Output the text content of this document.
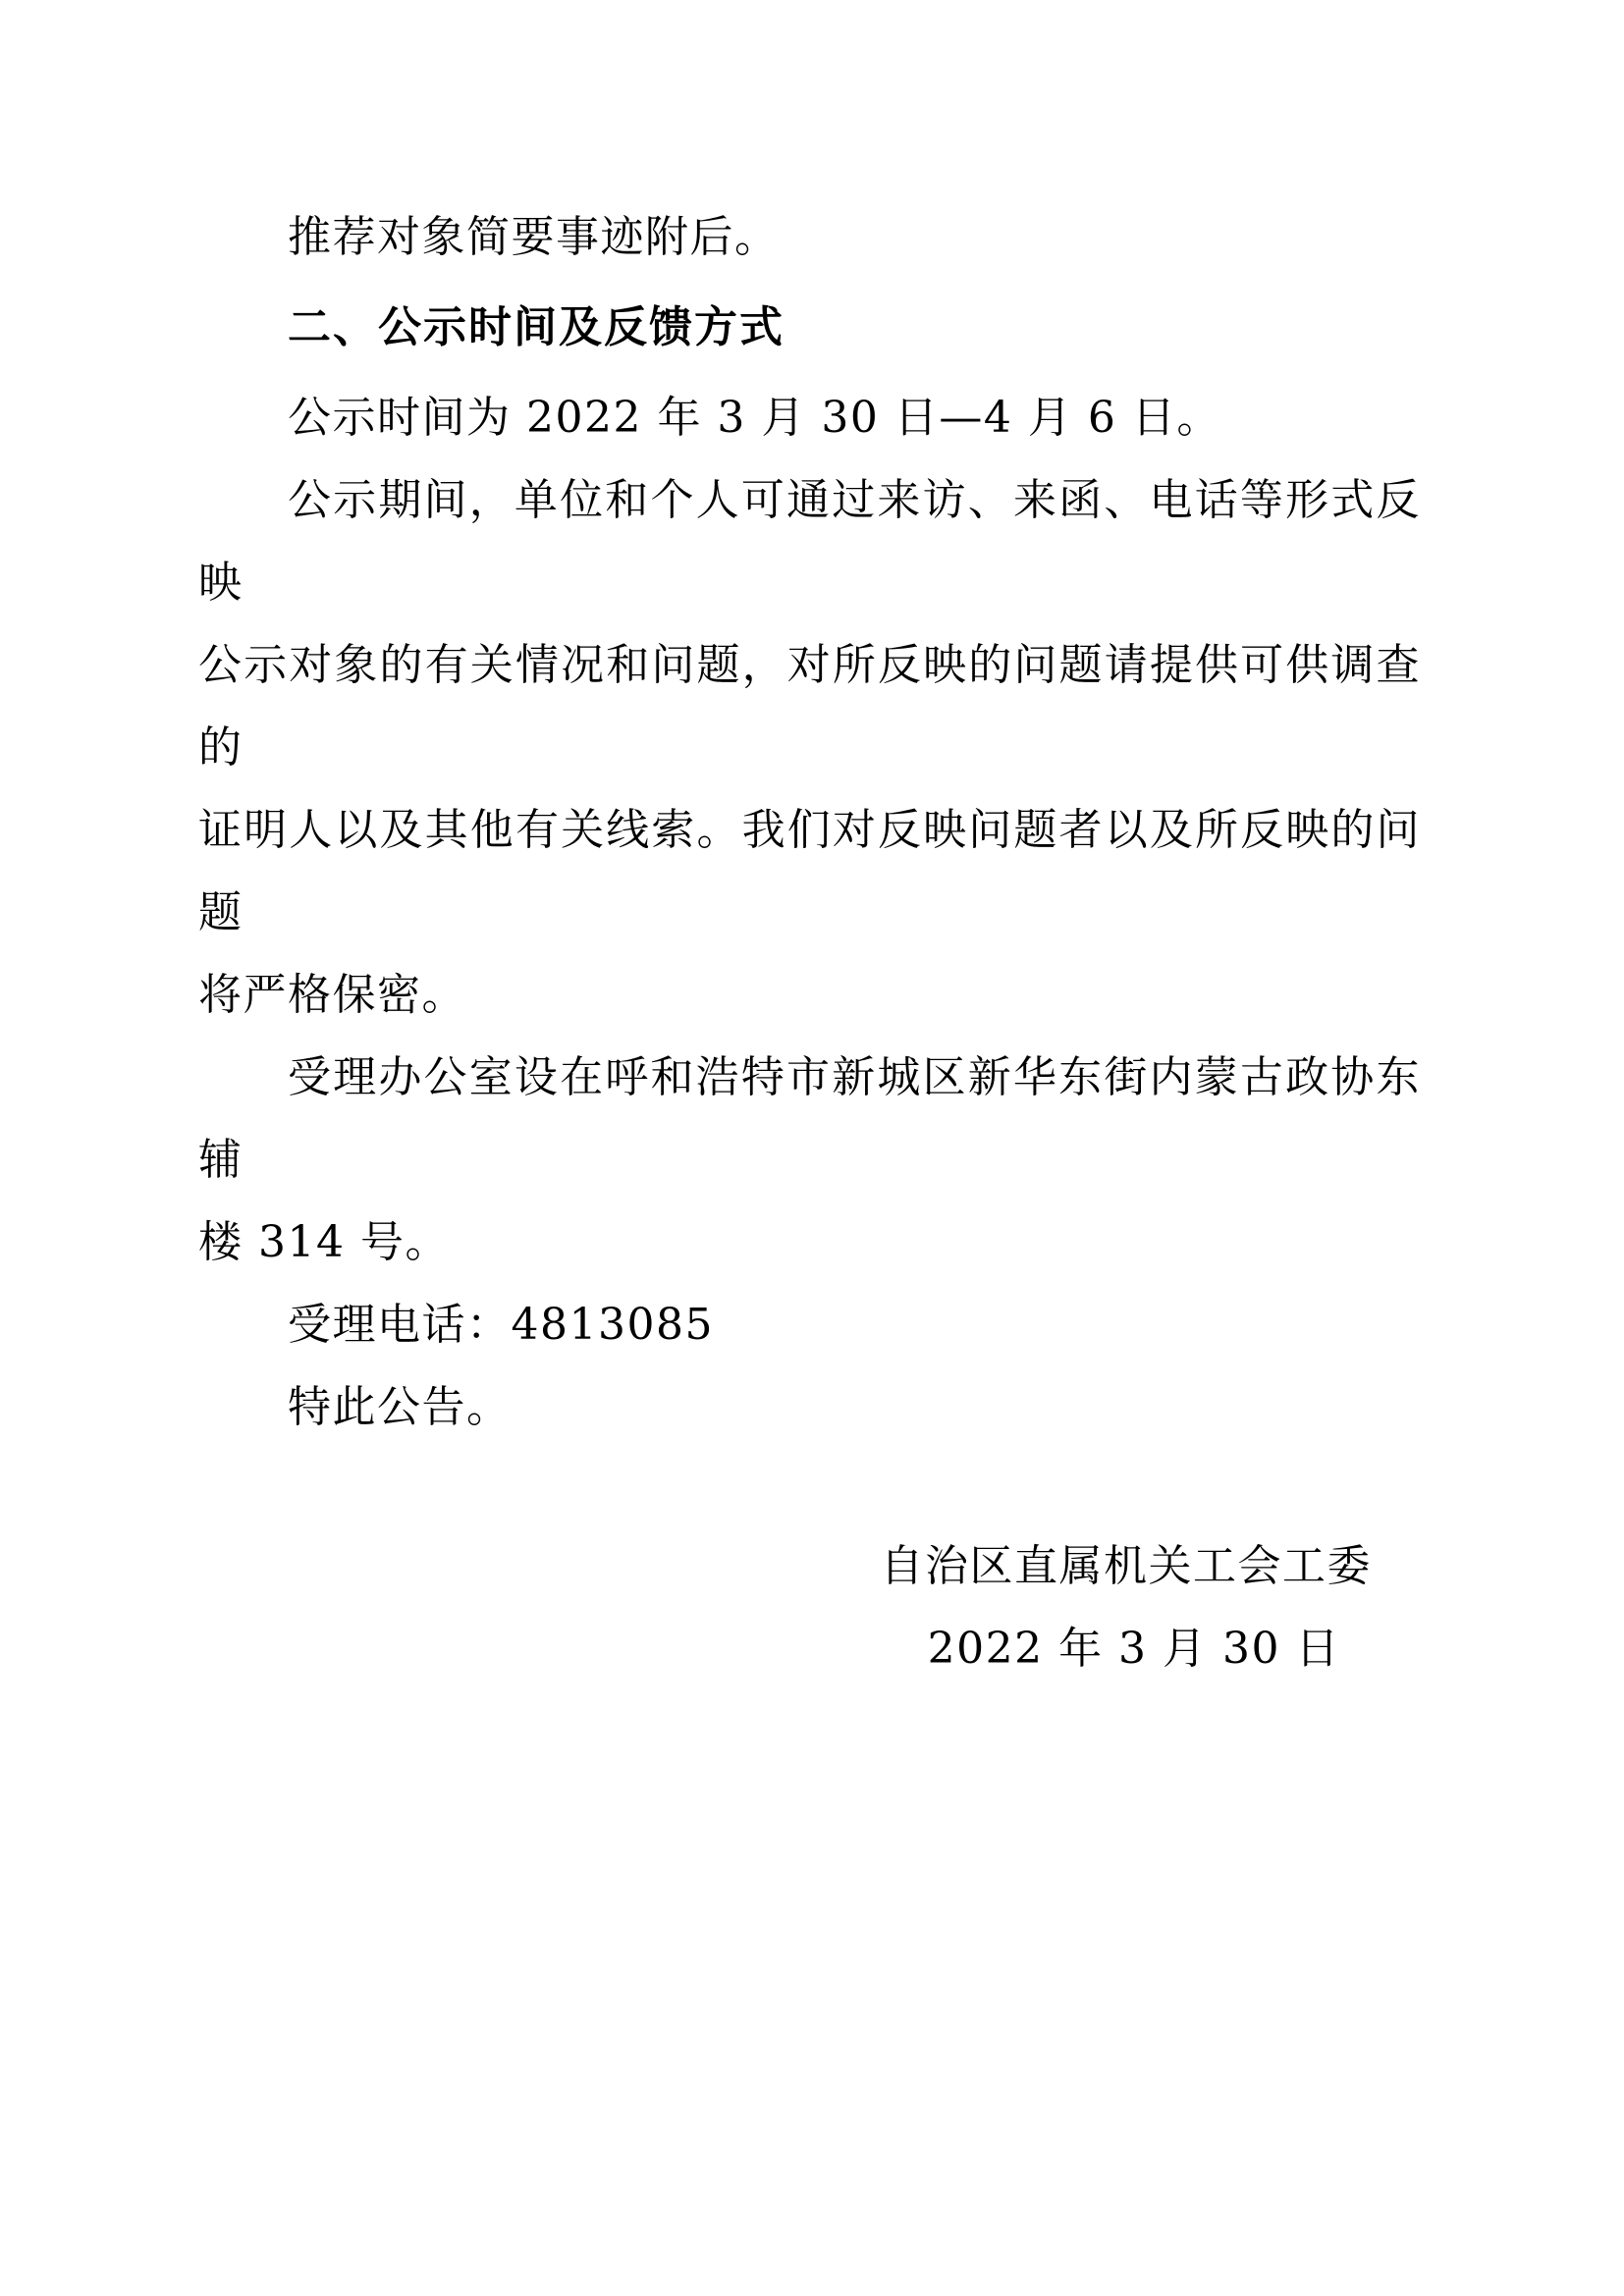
推荐对象简要事迹附后。

二、公示时间及反馈方式

公示时间为 2022 年 3 月 30 日—4 月 6 日。

公示期间，单位和个人可通过来访、来函、电话等形式反映

公示对象的有关情况和问题，对所反映的问题请提供可供调查的

证明人以及其他有关线索。我们对反映问题者以及所反映的问题

将严格保密。

受理办公室设在呼和浩特市新城区新华东街内蒙古政协东辅

楼 314 号。

受理电话：4813085

特此公告。

自治区直属机关工会工委

2022 年 3 月 30 日
